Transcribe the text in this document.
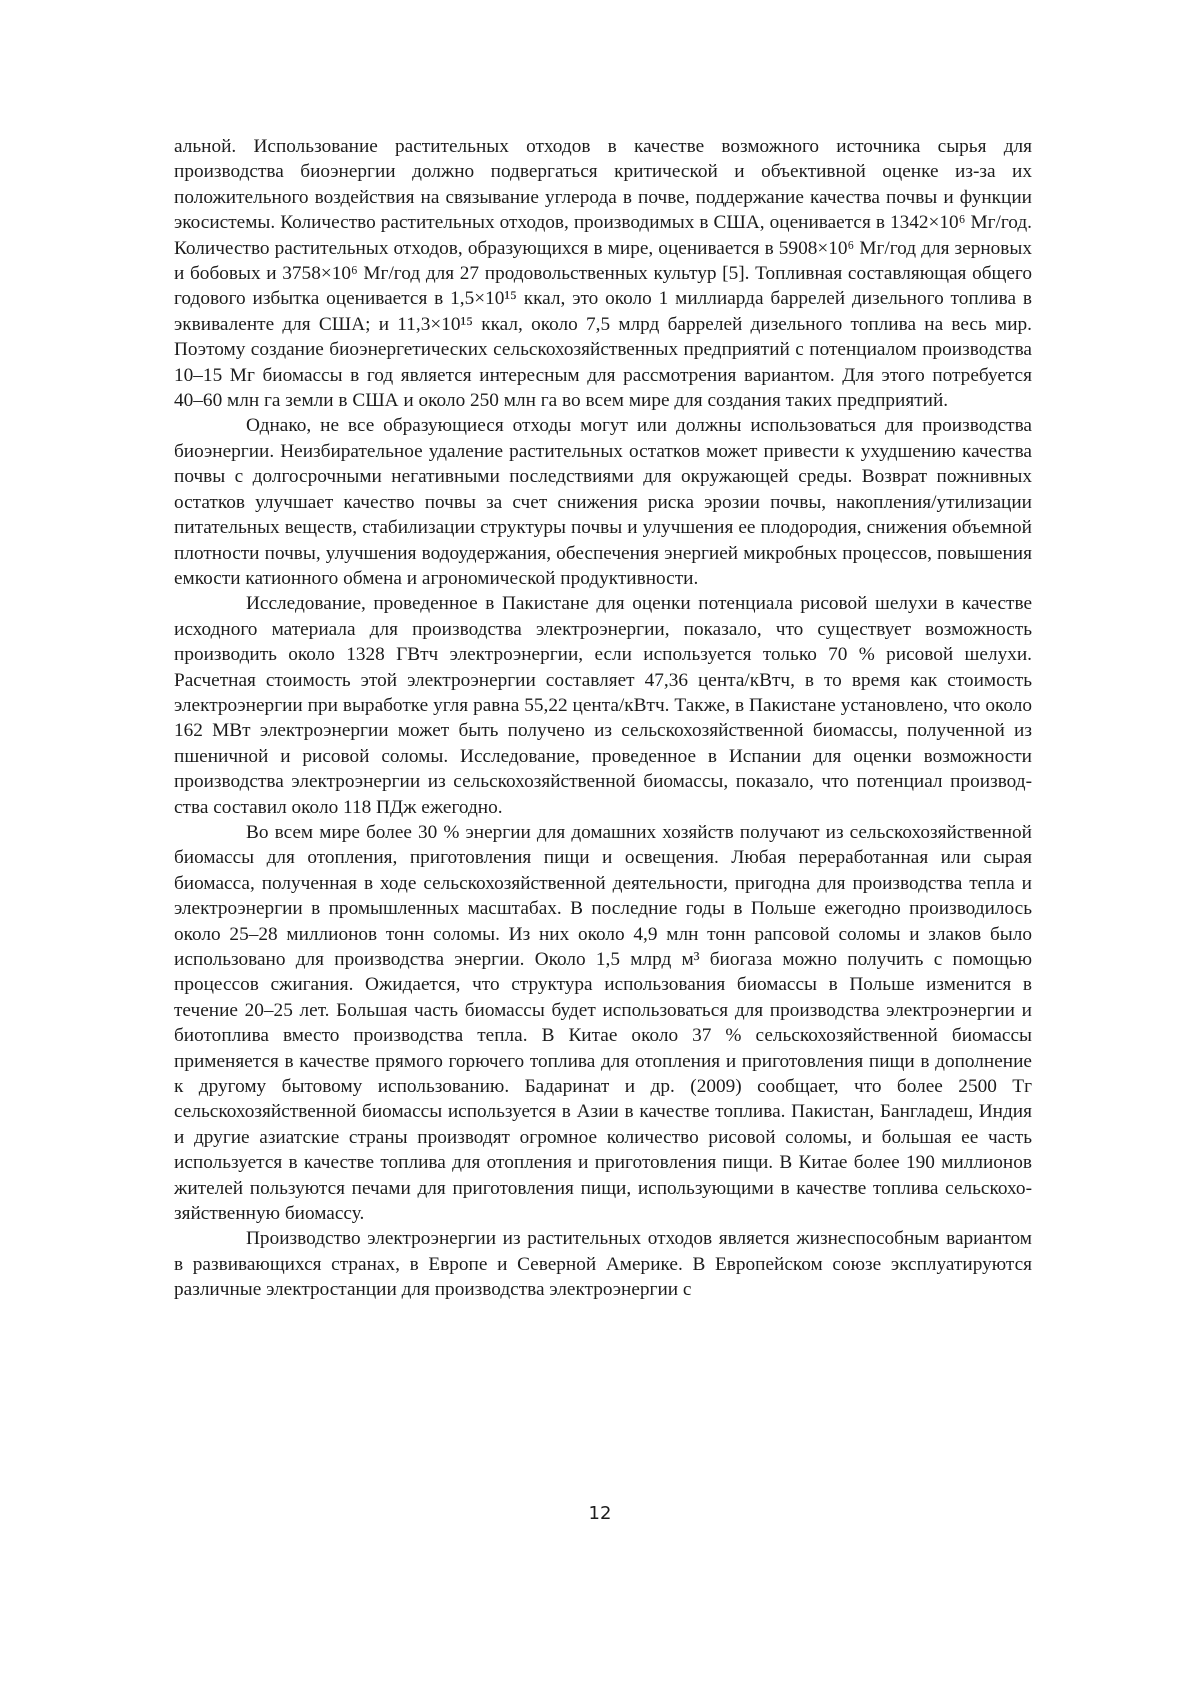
альной. Использование растительных отходов в качестве возможного источника сырья для производства биоэнергии должно подвергаться критической и объективной оценке из-за их положительного воздействия на связывание углерода в почве, поддержание качества почвы и функции экосистемы. Количество растительных отходов, производимых в США, оценивается в 1342×10⁶ Мг/год. Количество растительных отходов, образующихся в мире, оценивается в 5908×10⁶ Мг/год для зерновых и бобовых и 3758×10⁶ Мг/год для 27 продовольственных культур [5]. Топливная составляющая общего годового избытка оценивается в 1,5×10¹⁵ ккал, это около 1 миллиарда баррелей дизельного топлива в эквиваленте для США; и 11,3×10¹⁵ ккал, около 7,5 млрд баррелей дизельного топлива на весь мир. Поэтому создание биоэнергетических сельскохозяйственных предприятий с потенциалом производства 10–15 Мг биомассы в год является интересным для рассмотрения вариантом. Для этого потребуется 40–60 млн га земли в США и около 250 млн га во всем мире для создания таких предприятий.

Однако, не все образующиеся отходы могут или должны использоваться для производства биоэнергии. Неизбирательное удаление растительных остатков может привести к ухудшению качества почвы с долгосрочными негативными последствиями для окружающей среды. Возврат пожнивных остатков улучшает качество почвы за счет снижения риска эрозии почвы, накопления/утилизации питательных веществ, стабилизации структуры почвы и улучшения ее плодородия, снижения объемной плотности почвы, улучшения водоудержания, обеспечения энергией микробных процессов, повышения емкости катионного обмена и агрономической продуктивности.

Исследование, проведенное в Пакистане для оценки потенциала рисовой шелухи в качестве исходного материала для производства электроэнергии, показало, что существует возможность производить около 1328 ГВтч электроэнергии, если используется только 70 % рисовой шелухи. Расчетная стоимость этой электроэнергии составляет 47,36 цента/кВтч, в то время как стоимость электроэнергии при выработке угля равна 55,22 цента/кВтч. Также, в Пакистане установлено, что около 162 МВт электроэнергии может быть получено из сельскохозяйственной биомассы, полученной из пшеничной и рисовой соломы. Исследование, проведенное в Испании для оценки возможности производства электроэнергии из сельскохозяйственной биомассы, показало, что потенциал производства составил около 118 ПДж ежегодно.

Во всем мире более 30 % энергии для домашних хозяйств получают из сельскохозяйственной биомассы для отопления, приготовления пищи и освещения. Любая переработанная или сырая биомасса, полученная в ходе сельскохозяйственной деятельности, пригодна для производства тепла и электроэнергии в промышленных масштабах. В последние годы в Польше ежегодно производилось около 25–28 миллионов тонн соломы. Из них около 4,9 млн тонн рапсовой соломы и злаков было использовано для производства энергии. Около 1,5 млрд м³ биогаза можно получить с помощью процессов сжигания. Ожидается, что структура использования биомассы в Польше изменится в течение 20–25 лет. Большая часть биомассы будет использоваться для производства электроэнергии и биотоплива вместо производства тепла. В Китае около 37 % сельскохозяйственной биомассы применяется в качестве прямого горючего топлива для отопления и приготовления пищи в дополнение к другому бытовому использованию. Бадаринат и др. (2009) сообщает, что более 2500 Тг сельскохозяйственной биомассы используется в Азии в качестве топлива. Пакистан, Бангладеш, Индия и другие азиатские страны производят огромное количество рисовой соломы, и большая ее часть используется в качестве топлива для отопления и приготовления пищи. В Китае более 190 миллионов жителей пользуются печами для приготовления пищи, использующими в качестве топлива сельскохозяйственную биомассу.

Производство электроэнергии из растительных отходов является жизнеспособным вариантом в развивающихся странах, в Европе и Северной Америке. В Европейском союзе эксплуатируются различные электростанции для производства электроэнергии с

12
